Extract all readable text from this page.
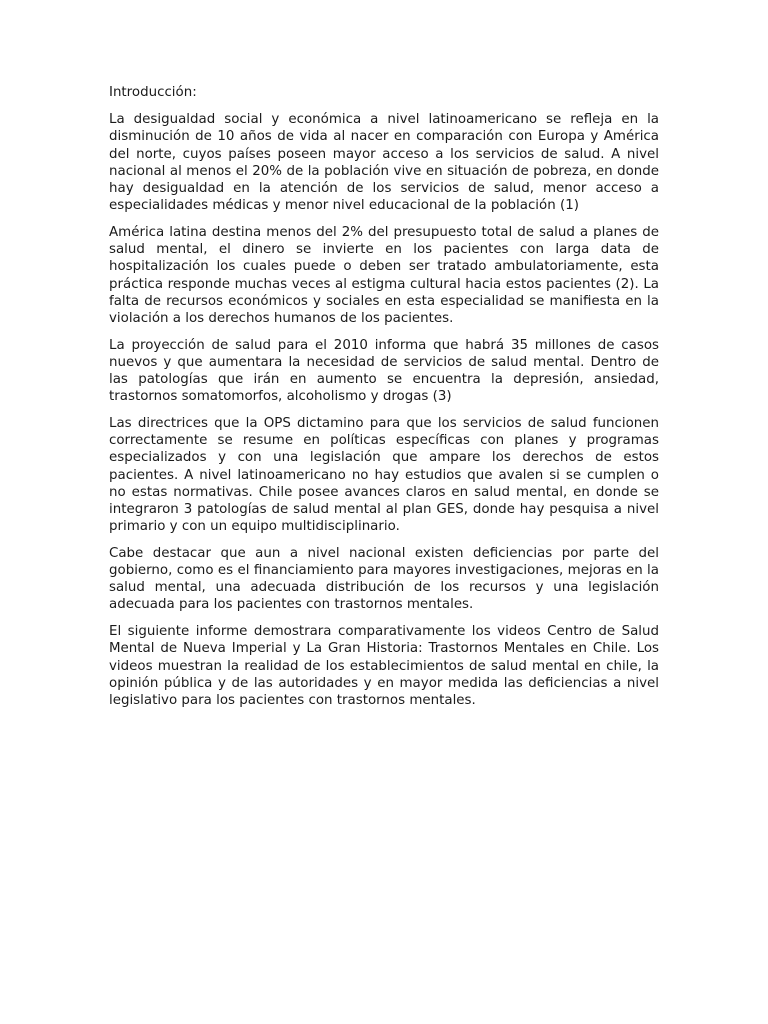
Introducción:

La desigualdad social y económica a nivel latinoamericano se refleja en la disminución de 10 años de vida al nacer en comparación con Europa y América del norte, cuyos países poseen mayor acceso a los servicios de salud. A nivel nacional al menos el 20% de la población vive en situación de pobreza, en donde hay desigualdad en la atención de los servicios de salud, menor acceso a especialidades médicas y menor nivel educacional de la población (1)

América latina destina menos del 2% del presupuesto total de salud a planes de salud mental, el dinero se invierte en los pacientes con larga data de hospitalización los cuales puede o deben ser tratado ambulatoriamente, esta práctica responde muchas veces al estigma cultural hacia estos pacientes (2). La falta de recursos económicos y sociales en esta especialidad se manifiesta en la violación a los derechos humanos de los pacientes.

La proyección de salud para el 2010 informa que habrá 35 millones de casos nuevos y que aumentara la necesidad de servicios de salud mental. Dentro de las patologías que irán en aumento se encuentra la depresión, ansiedad, trastornos somatomorfos, alcoholismo y drogas (3)

Las directrices que la OPS dictamino para que los servicios de salud funcionen correctamente se resume en políticas específicas con planes y programas especializados y con una legislación que ampare los derechos de estos pacientes. A nivel latinoamericano no hay estudios que avalen si se cumplen o no estas normativas. Chile posee avances claros en salud mental, en donde se integraron 3 patologías de salud mental al plan GES, donde hay pesquisa a nivel primario y con un equipo multidisciplinario.

Cabe destacar que aun a nivel nacional existen deficiencias por parte del gobierno, como es el financiamiento para mayores investigaciones, mejoras en la salud mental, una adecuada distribución de los recursos y una legislación adecuada para los pacientes con trastornos mentales.

El siguiente informe demostrara comparativamente los videos Centro de Salud Mental de Nueva Imperial y La Gran Historia: Trastornos Mentales en Chile. Los videos muestran la realidad de los establecimientos de salud mental en chile, la opinión pública y de las autoridades y en mayor medida las deficiencias a nivel legislativo para los pacientes con trastornos mentales.
